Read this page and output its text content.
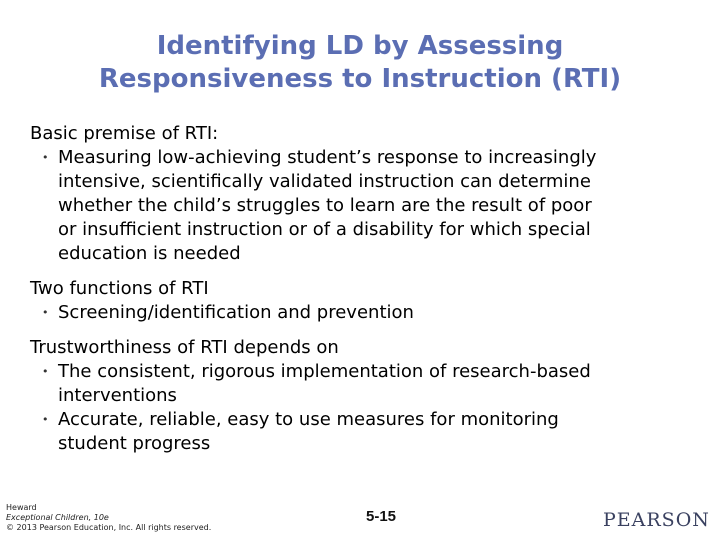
Identifying LD by Assessing
Responsiveness to Instruction (RTI)
Basic premise of RTI:
• Measuring low-achieving student’s response to increasingly
intensive, scientifically validated instruction can determine
whether the child’s struggles to learn are the result of poor
or insufficient instruction or of a disability for which special
education is needed
Two functions of RTI
• Screening/identification and prevention
Trustworthiness of RTI depends on
• The consistent, rigorous implementation of research-based
interventions
• Accurate, reliable, easy to use measures for monitoring
student progress
Heward
Exceptional Children, 10e
© 2013 Pearson Education, Inc. All rights reserved.
5-15	PEARSON
